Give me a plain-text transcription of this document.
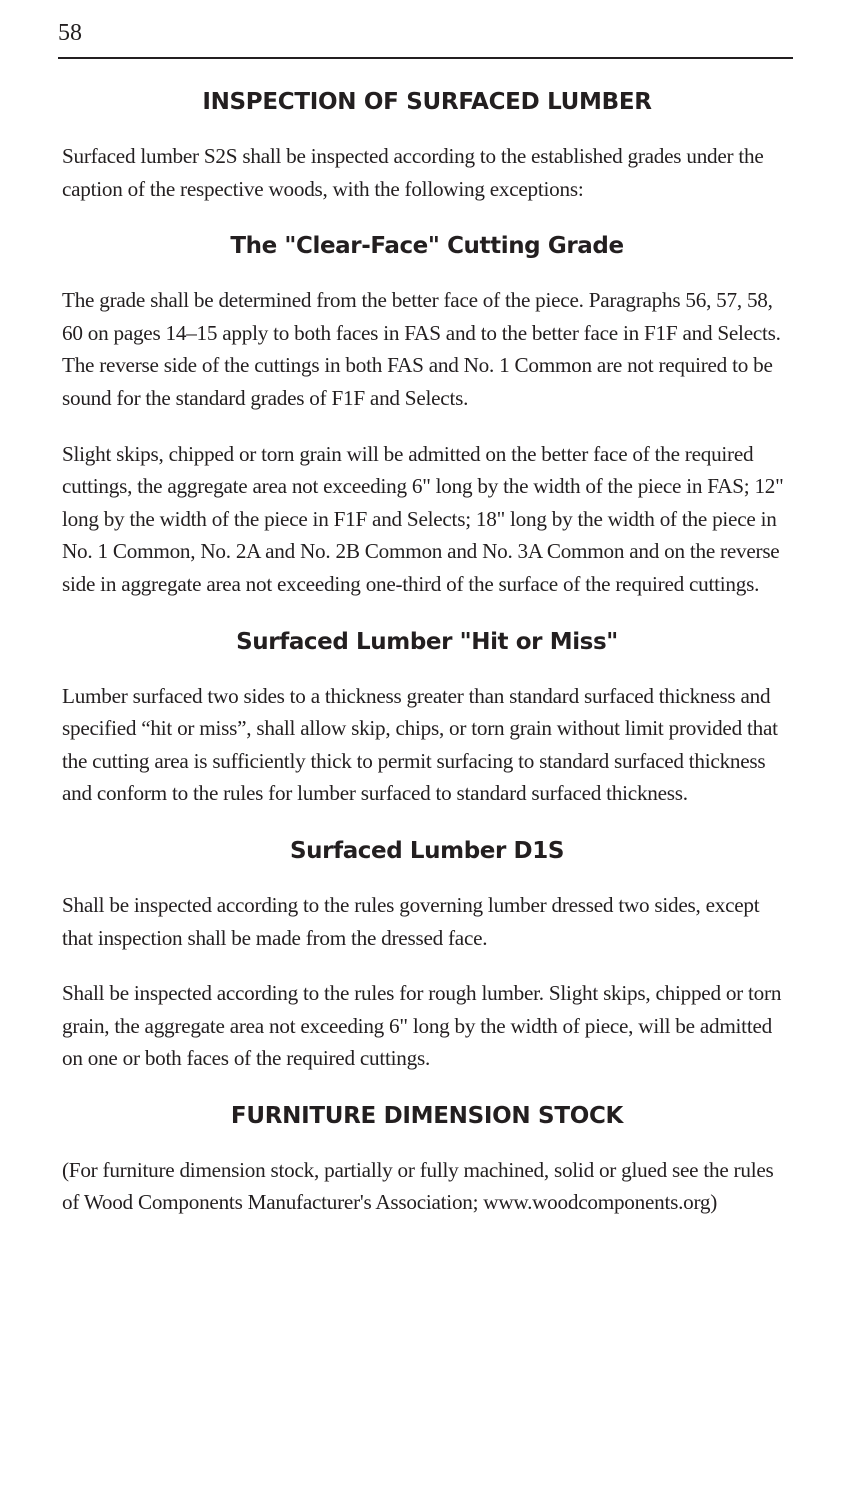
58
INSPECTION OF SURFACED LUMBER

Surfaced lumber S2S shall be inspected according to the established grades under the caption of the respective woods, with the following exceptions:

The "Clear-Face" Cutting Grade

The grade shall be determined from the better face of the piece. Paragraphs 56, 57, 58, 60 on pages 14–15 apply to both faces in FAS and to the better face in F1F and Selects. The reverse side of the cuttings in both FAS and No. 1 Common are not required to be sound for the standard grades of F1F and Selects.

Slight skips, chipped or torn grain will be admitted on the better face of the required cuttings, the aggregate area not exceeding 6" long by the width of the piece in FAS; 12" long by the width of the piece in F1F and Selects; 18" long by the width of the piece in No. 1 Common, No. 2A and No. 2B Common and No. 3A Common and on the reverse side in aggregate area not exceeding one-third of the surface of the required cuttings.

Surfaced Lumber "Hit or Miss"

Lumber surfaced two sides to a thickness greater than standard surfaced thickness and specified “hit or miss”, shall allow skip, chips, or torn grain without limit provided that the cutting area is sufficiently thick to permit surfacing to standard surfaced thickness and conform to the rules for lumber surfaced to standard surfaced thickness.

Surfaced Lumber D1S

Shall be inspected according to the rules governing lumber dressed two sides, except that inspection shall be made from the dressed face.

Shall be inspected according to the rules for rough lumber. Slight skips, chipped or torn grain, the aggregate area not exceeding 6" long by the width of piece, will be admitted on one or both faces of the required cuttings.

FURNITURE DIMENSION STOCK

(For furniture dimension stock, partially or fully machined, solid or glued see the rules of Wood Components Manufacturer's Association; www.woodcomponents.org)
